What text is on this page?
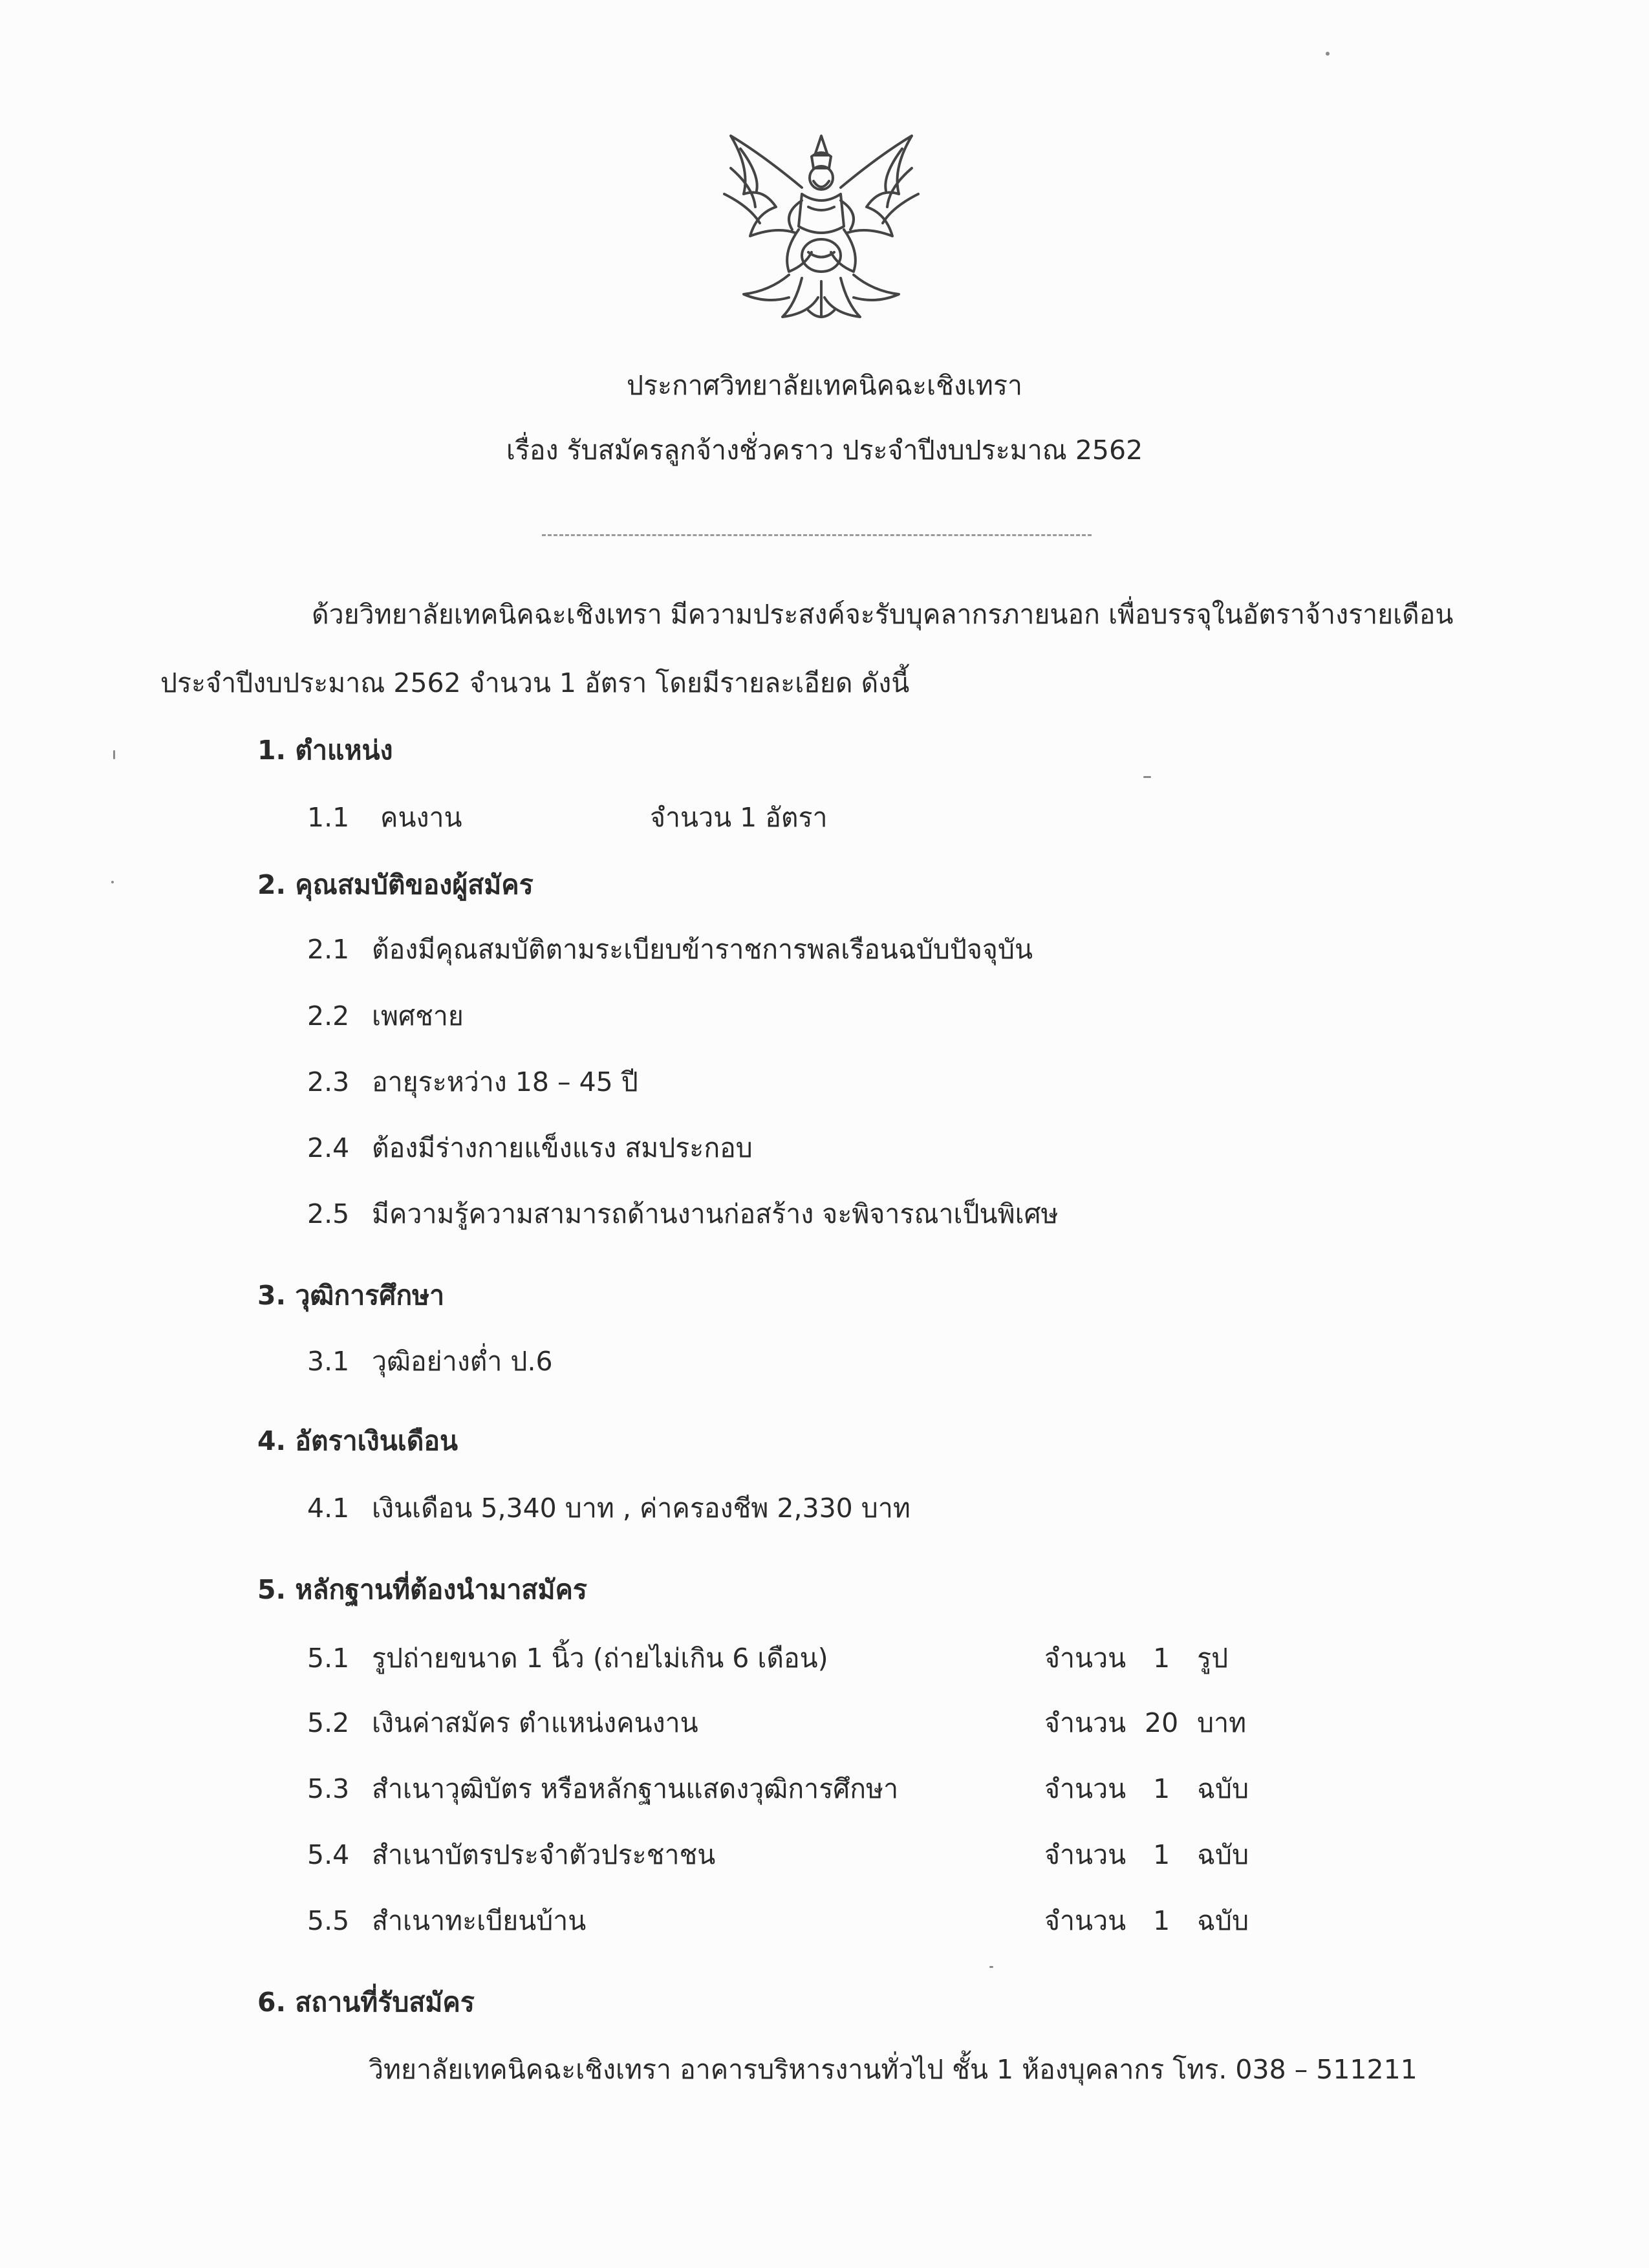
ประกาศวิทยาลัยเทคนิคฉะเชิงเทรา
เรื่อง รับสมัครลูกจ้างชั่วคราว ประจำปีงบประมาณ 2562
ด้วยวิทยาลัยเทคนิคฉะเชิงเทรา มีความประสงค์จะรับบุคลากรภายนอก เพื่อบรรจุในอัตราจ้างรายเดือน
ประจำปีงบประมาณ 2562 จำนวน 1 อัตรา โดยมีรายละเอียด ดังนี้
1. ตำแหน่ง
1.1 คนงาน	จำนวน 1 อัตรา
2. คุณสมบัติของผู้สมัคร
2.1 ต้องมีคุณสมบัติตามระเบียบข้าราชการพลเรือนฉบับปัจจุบัน
2.2 เพศชาย
2.3 อายุระหว่าง 18 – 45 ปี
2.4 ต้องมีร่างกายแข็งแรง สมประกอบ
2.5 มีความรู้ความสามารถด้านงานก่อสร้าง จะพิจารณาเป็นพิเศษ
3. วุฒิการศึกษา
3.1 วุฒิอย่างต่ำ ป.6
4. อัตราเงินเดือน
4.1 เงินเดือน 5,340 บาท , ค่าครองชีพ 2,330 บาท
5. หลักฐานที่ต้องนำมาสมัคร
5.1 รูปถ่ายขนาด 1 นิ้ว (ถ่ายไม่เกิน 6 เดือน)	จำนวน 1 รูป
5.2 เงินค่าสมัคร ตำแหน่งคนงาน	จำนวน 20 บาท
5.3 สำเนาวุฒิบัตร หรือหลักฐานแสดงวุฒิการศึกษา	จำนวน 1 ฉบับ
5.4 สำเนาบัตรประจำตัวประชาชน	จำนวน 1 ฉบับ
5.5 สำเนาทะเบียนบ้าน	จำนวน 1 ฉบับ
6. สถานที่รับสมัคร
วิทยาลัยเทคนิคฉะเชิงเทรา อาคารบริหารงานทั่วไป ชั้น 1 ห้องบุคลากร โทร. 038 – 511211
